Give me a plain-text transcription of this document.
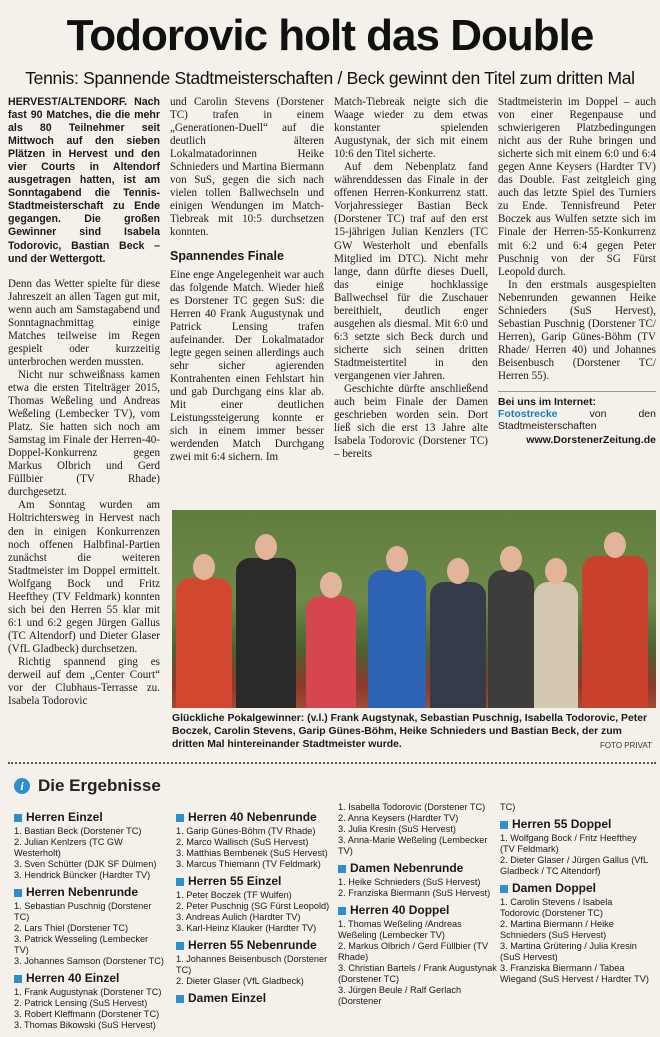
Todorovic holt das Double
Tennis: Spannende Stadtmeisterschaften / Beck gewinnt den Titel zum dritten Mal

HERVEST/ALTENDORF. Nach fast 90 Matches, die die mehr als 80 Teilnehmer seit Mittwoch auf den sieben Plätzen in Hervest und den vier Courts in Altendorf ausgetragen hatten, ist am Sonntagabend die Tennis-Stadtmeisterschaft zu Ende gegangen. Die großen Gewinner sind Isabela Todorovic, Bastian Beck – und der Wettergott.

Denn das Wetter spielte für diese Jahreszeit an allen Tagen gut mit, wenn auch am Samstagabend und Sonntagnachmittag einige Matches teilweise im Regen gespielt oder kurzzeitig unterbrochen werden mussten.

Nicht nur schweißnass kamen etwa die ersten Titelträger 2015, Thomas Weßeling und Andreas Weßeling (Lembecker TV), vom Platz. Sie hatten sich noch am Samstag im Finale der Herren-40-Doppel-Konkurrenz gegen Markus Olbrich und Gerd Füllbier (TV Rhade) durchgesetzt.

Am Sonntag wurden am Holtrichtersweg in Hervest nach den in einigen Konkurrenzen noch offenen Halbfinal-Partien zunächst die weiteren Stadtmeister im Doppel ermittelt. Wolfgang Bock und Fritz Heefthey (TV Feldmark) konnten sich bei den Herren 55 klar mit 6:1 und 6:2 gegen Jürgen Gallus (TC Altendorf) und Dieter Glaser (VfL Gladbeck) durchsetzen.

Richtig spannend ging es derweil auf dem „Center Court“ vor der Clubhaus-Terrasse zu. Isabela Todorovic

und Carolin Stevens (Dorstener TC) trafen in einem „Generationen-Duell“ auf die deutlich älteren Lokalmatadorinnen Heike Schnieders und Martina Biermann von SuS, gegen die sich nach vielen tollen Ballwechseln und einigen Wendungen im Match-Tiebreak mit 10:5 durchsetzen konnten.

Spannendes Finale

Eine enge Angelegenheit war auch das folgende Match. Wieder hieß es Dorstener TC gegen SuS: die Herren 40 Frank Augustynak und Patrick Lensing trafen aufeinander. Der Lokalmatador legte gegen seinen allerdings auch sehr sicher agierenden Kontrahenten einen Fehlstart hin und gab Durchgang eins klar ab. Mit einer deutlichen Leistungssteigerung konnte er sich in einem immer besser werdenden Match Durchgang zwei mit 6:4 sichern. Im

Match-Tiebreak neigte sich die Waage wieder zu dem etwas konstanter spielenden Augustynak, der sich mit einem 10:6 den Titel sicherte.

Auf dem Nebenplatz fand währenddessen das Finale in der offenen Herren-Konkurrenz statt. Vorjahressieger Bastian Beck (Dorstener TC) traf auf den erst 15-jährigen Julian Kenzlers (TC GW Westerholt und ebenfalls Mitglied im DTC). Nicht mehr lange, dann dürfte dieses Duell, das einige hochklassige Ballwechsel für die Zuschauer bereithielt, deutlich enger ausgehen als diesmal. Mit 6:0 und 6:3 setzte sich Beck durch und sicherte sich seinen dritten Stadtmeistertitel in den vergangenen vier Jahren.

Geschichte dürfte anschließend auch beim Finale der Damen geschrieben worden sein. Dort ließ sich die erst 13 Jahre alte Isabela Todorovic (Dorstener TC) – bereits

Stadtmeisterin im Doppel – auch von einer Regenpause und schwierigeren Platzbedingungen nicht aus der Ruhe bringen und sicherte sich mit einem 6:0 und 6:4 gegen Anne Keysers (Hardter TV) das Double. Fast zeitgleich ging auch das letzte Spiel des Turniers zu Ende. Tennisfreund Peter Boczek aus Wulfen setzte sich im Finale der Herren-55-Konkurrenz mit 6:2 und 6:4 gegen Peter Puschnig von der SG Fürst Leopold durch.

In den erstmals ausgespielten Nebenrunden gewannen Heike Schnieders (SuS Hervest), Sebastian Puschnig (Dorstener TC/ Herren), Garip Günes-Böhm (TV Rhade/ Herren 40) und Johannes Beisenbusch (Dorstener TC/ Herren 55).

Bei uns im Internet:
Fotostrecke von den Stadtmeisterschaften
www.DorstenerZeitung.de
Glückliche Pokalgewinner: (v.l.) Frank Augstynak, Sebastian Puschnig, Isabella Todorovic, Peter Boczek, Carolin Stevens, Garip Günes-Böhm, Heike Schnieders und Bastian Beck, der zum dritten Mal hintereinander Stadtmeister wurde.	FOTO PRIVAT
i Die Ergebnisse
Herren Einzel
1. Bastian Beck (Dorstener TC)
2. Julian Kenlzers (TC GW Westerholt)
3. Sven Schütter (DJK SF Dülmen)
3. Hendrick Büncker (Hardter TV)
Herren Nebenrunde
1. Sebastian Puschnig (Dorstener TC)
2. Lars Thiel (Dorstener TC)
3. Patrick Wesseling (Lembecker TV)
3. Johannes Samson (Dorstener TC)
Herren 40 Einzel
1. Frank Augustynak (Dorstener TC)
2. Patrick Lensing (SuS Hervest)
3. Robert Kleffmann (Dorstener TC)
3. Thomas Bikowski (SuS Hervest)
Herren 40 Nebenrunde
1. Garip Günes-Böhm (TV Rhade)
2. Marco Wallisch (SuS Hervest)
3. Matthias Bembenek (SuS Hervest)
3. Marcus Thiemann (TV Feldmark)
Herren 55 Einzel
1. Peter Boczek (TF Wulfen)
2. Peter Puschnig (SG Fürst Leopold)
3. Andreas Aulich (Hardter TV)
3. Karl-Heinz Klauker (Hardter TV)
Herren 55 Nebenrunde
1. Johannes Beisenbusch (Dorstener TC)
2. Dieter Glaser (VfL Gladbeck)
Damen Einzel
1. Isabella Todorovic (Dorstener TC)
2. Anna Keysers (Hardter TV)
3. Julia Kresin (SuS Hervest)
3. Anna-Marie Weßeling (Lembecker TV)
Damen Nebenrunde
1. Heike Schnieders (SuS Hervest)
2. Franziska Biermann (SuS Hervest)
Herren 40 Doppel
1. Thomas Weßeling /Andreas Weßeling (Lembecker TV)
2. Markus Olbrich / Gerd Füllbier (TV Rhade)
3. Christian Bartels / Frank Augustynak (Dorstener TC)
3. Jürgen Beule / Ralf Gerlach (Dorstener
TC)
Herren 55 Doppel
1. Wolfgang Bock / Fritz Heefthey (TV Feldmark)
2. Dieter Glaser / Jürgen Gallus (VfL Gladbeck / TC Altendorf)
Damen Doppel
1. Carolin Stevens / Isabela Todorovic (Dorstener TC)
2. Martina Biermann / Heike Schnieders (SuS Hervest)
3. Martina Grütering / Julia Kresin (SuS Hervest)
3. Franziska Biermann / Tabea Wiegand (SuS Hervest / Hardter TV)
